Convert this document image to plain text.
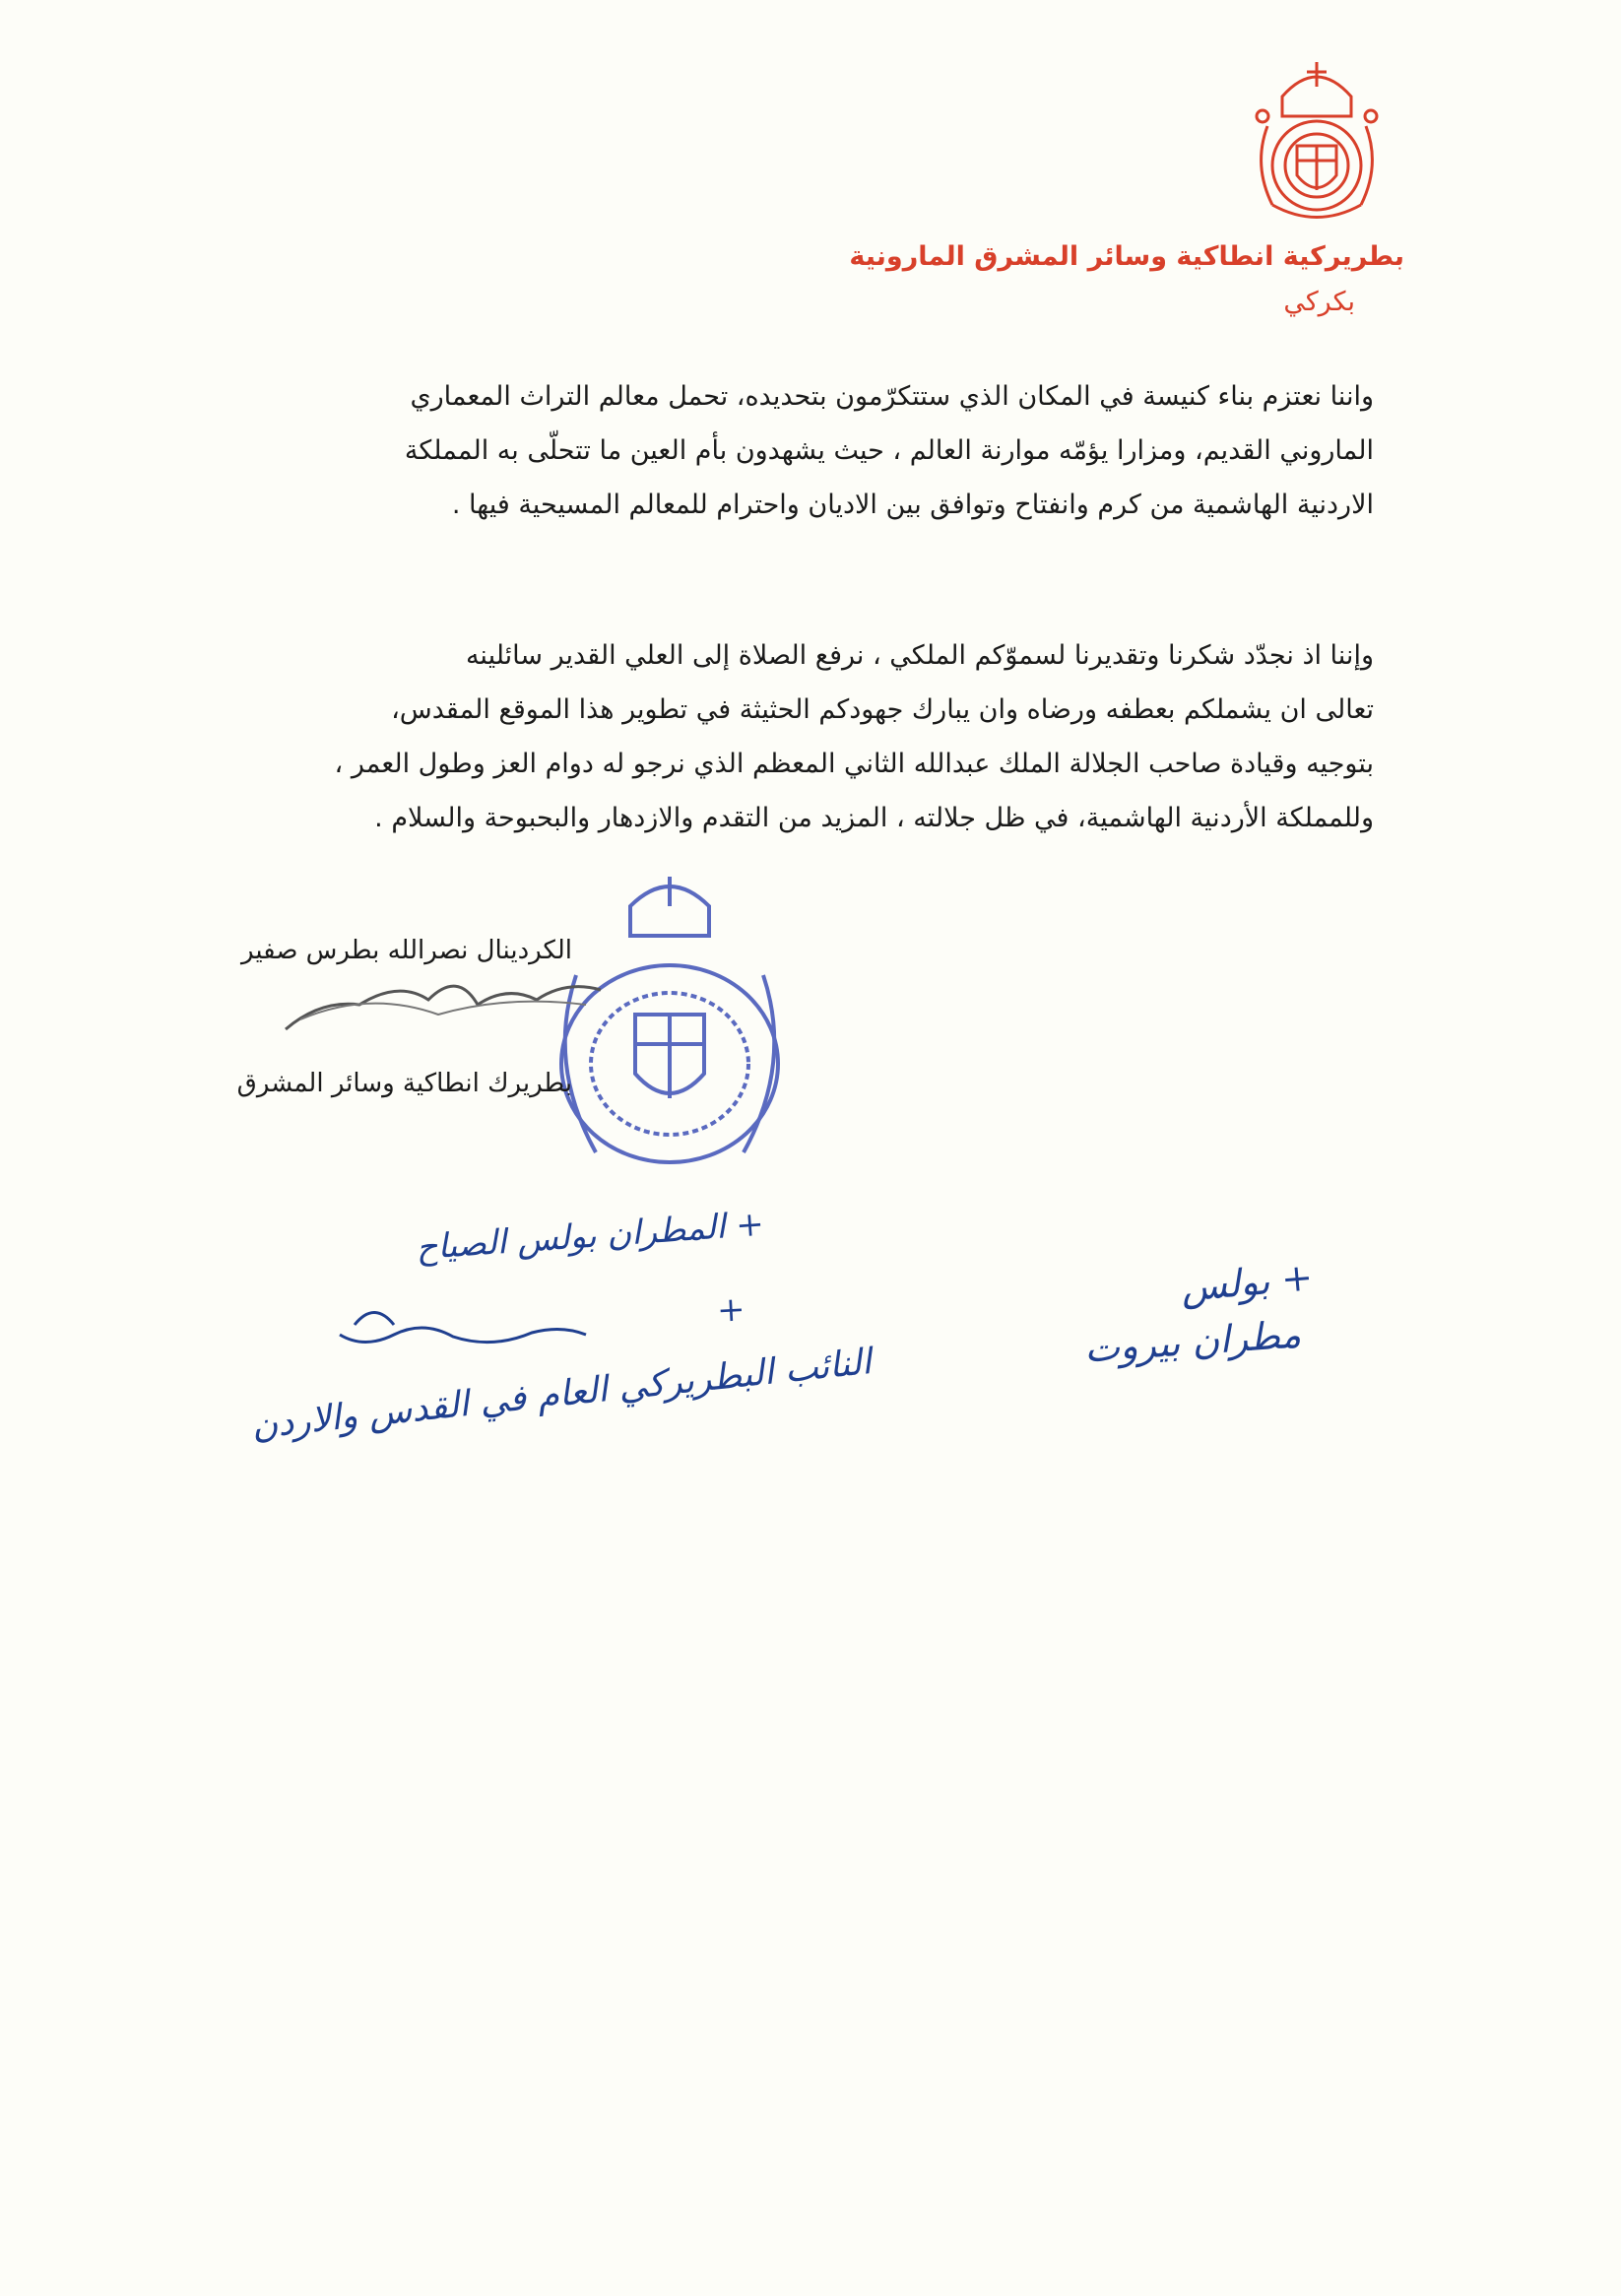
بطريركية انطاكية وسائر المشرق المارونية
بكركي
واننا نعتزم بناء كنيسة في المكان الذي ستتكرّمون بتحديده، تحمل معالم التراث المعماري
الماروني القديم، ومزارا يؤمّه موارنة العالم ، حيث يشهدون بأم العين ما تتحلّى به المملكة
الاردنية الهاشمية من كرم وانفتاح وتوافق بين الاديان واحترام للمعالم المسيحية فيها .
وإننا اذ نجدّد شكرنا وتقديرنا لسموّكم الملكي ، نرفع الصلاة إلى العلي القدير سائلينه
تعالى ان يشملكم بعطفه ورضاه وان يبارك جهودكم الحثيثة في تطوير هذا الموقع المقدس،
بتوجيه وقيادة صاحب الجلالة الملك عبدالله الثاني المعظم الذي نرجو له دوام العز وطول العمر ،
وللمملكة الأردنية الهاشمية، في ظل جلالته ، المزيد من التقدم والازدهار والبحبوحة والسلام .
الكردينال نصرالله بطرس صفير
بطريرك انطاكية وسائر المشرق
+ المطران بولس الصياح
+
النائب البطريركي العام في القدس والاردن
+ بولس
مطران بيروت
